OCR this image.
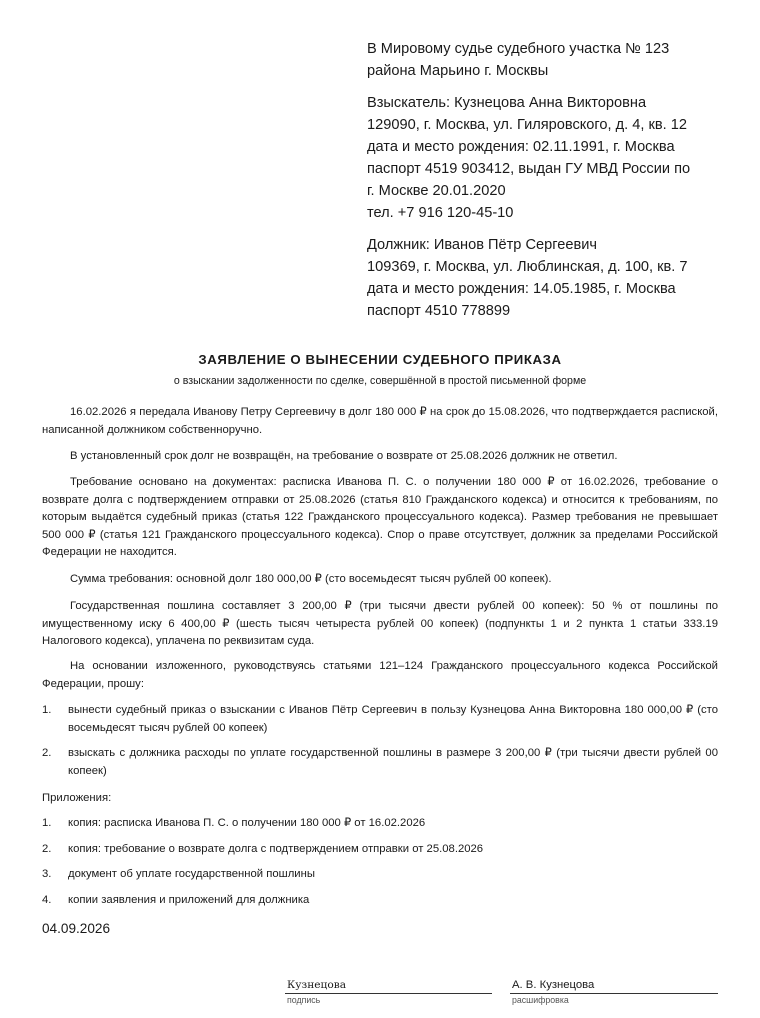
В Мировому судье судебного участка № 123
района Марьино г. Москвы
Взыскатель: Кузнецова Анна Викторовна
129090, г. Москва, ул. Гиляровского, д. 4, кв. 12
дата и место рождения: 02.11.1991, г. Москва
паспорт 4519 903412, выдан ГУ МВД России по
г. Москве 20.01.2020
тел. +7 916 120-45-10
Должник: Иванов Пётр Сергеевич
109369, г. Москва, ул. Люблинская, д. 100, кв. 7
дата и место рождения: 14.05.1985, г. Москва
паспорт 4510 778899
ЗАЯВЛЕНИЕ О ВЫНЕСЕНИИ СУДЕБНОГО ПРИКАЗА
о взыскании задолженности по сделке, совершённой в простой письменной форме

16.02.2026 я передала Иванову Петру Сергеевичу в долг 180 000 ₽ на срок до 15.08.2026, что подтверждается распиской, написанной должником собственноручно.

В установленный срок долг не возвращён, на требование о возврате от 25.08.2026 должник не ответил.

Требование основано на документах: расписка Иванова П. С. о получении 180 000 ₽ от 16.02.2026, требование о возврате долга с подтверждением отправки от 25.08.2026 (статья 810 Гражданского кодекса) и относится к требованиям, по которым выдаётся судебный приказ (статья 122 Гражданского процессуального кодекса). Размер требования не превышает 500 000 ₽ (статья 121 Гражданского процессуального кодекса). Спор о праве отсутствует, должник за пределами Российской Федерации не находится.

Сумма требования: основной долг 180 000,00 ₽ (сто восемьдесят тысяч рублей 00 копеек).

Государственная пошлина составляет 3 200,00 ₽ (три тысячи двести рублей 00 копеек): 50 % от пошлины по имущественному иску 6 400,00 ₽ (шесть тысяч четыреста рублей 00 копеек) (подпункты 1 и 2 пункта 1 статьи 333.19 Налогового кодекса), уплачена по реквизитам суда.

На основании изложенного, руководствуясь статьями 121–124 Гражданского процессуального кодекса Российской Федерации, прошу:

1.	вынести судебный приказ о взыскании с Иванов Пётр Сергеевич в пользу Кузнецова Анна Викторовна 180 000,00 ₽ (сто восемьдесят тысяч рублей 00 копеек)
2.	взыскать с должника расходы по уплате государственной пошлины в размере 3 200,00 ₽ (три тысячи двести рублей 00 копеек)
Приложения:
1.	копия: расписка Иванова П. С. о получении 180 000 ₽ от 16.02.2026
2.	копия: требование о возврате долга с подтверждением отправки от 25.08.2026
3.	документ об уплате государственной пошлины
4.	копии заявления и приложений для должника
04.09.2026
Кузнецова
подпись
А. В. Кузнецова
расшифровка
